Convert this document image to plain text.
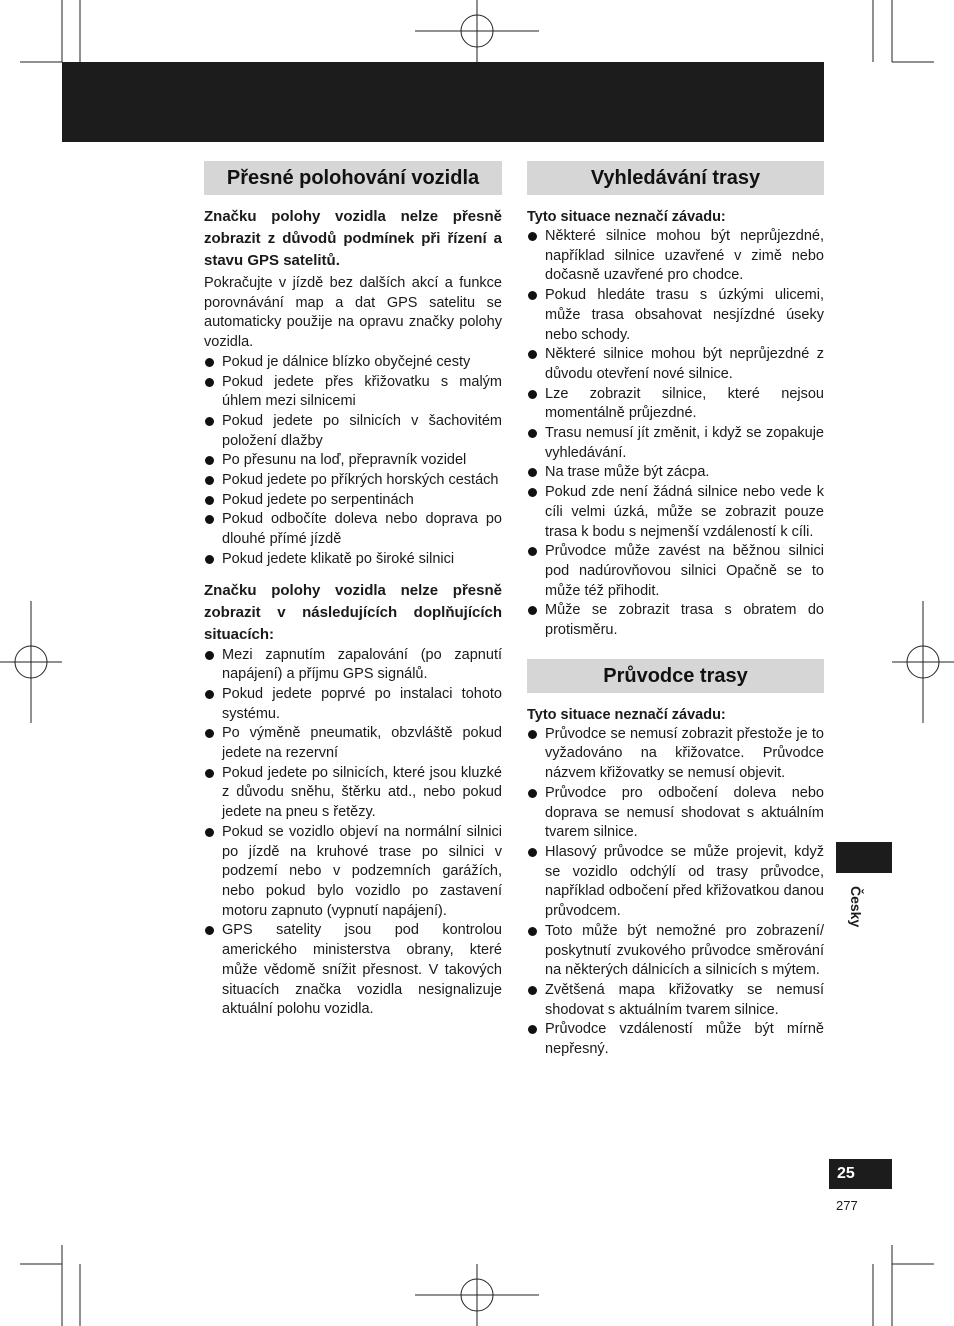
Přesné polohování vozidla

Značku polohy vozidla nelze přesně zobrazit z důvodů podmínek při řízení a stavu GPS satelitů.

Pokračujte v jízdě bez dalších akcí a funkce porovnávání map a dat GPS satelitu se automaticky použije na opravu značky polohy vozidla.

Pokud je dálnice blízko obyčejné cesty
Pokud jedete přes křižovatku s malým úhlem mezi silnicemi
Pokud jedete po silnicích v šachovitém položení dlažby
Po přesunu na loď, přepravník vozidel
Pokud jedete po příkrých horských cestách
Pokud jedete po serpentinách
Pokud odbočíte doleva nebo doprava po dlouhé přímé jízdě
Pokud jedete klikatě po široké silnici

Značku polohy vozidla nelze přesně zobrazit v následujících doplňujících situacích:

Mezi zapnutím zapalování (po zapnutí napájení) a příjmu GPS signálů.
Pokud jedete poprvé po instalaci tohoto systému.
Po výměně pneumatik, obzvláště pokud jedete na rezervní
Pokud jedete po silnicích, které jsou kluzké z důvodu sněhu, štěrku atd., nebo pokud jedete na pneu s řetězy.
Pokud se vozidlo objeví na normální silnici po jízdě na kruhové trase po silnici v podzemí nebo v podzemních garážích, nebo pokud bylo vozidlo po zastavení motoru zapnuto (vypnutí napájení).
GPS satelity jsou pod kontrolou amerického ministerstva obrany, které může vědomě snížit přesnost. V takových situacích značka vozidla nesignalizuje aktuální polohu vozidla.
Vyhledávání trasy

Tyto situace neznačí závadu:

Některé silnice mohou být neprůjezdné, například silnice uzavřené v zimě nebo dočasně uzavřené pro chodce.
Pokud hledáte trasu s úzkými ulicemi, může trasa obsahovat nesjízdné úseky nebo schody.
Některé silnice mohou být neprůjezdné z důvodu otevření nové silnice.
Lze zobrazit silnice, které nejsou momentálně průjezdné.
Trasu nemusí jít změnit, i když se zopakuje vyhledávání.
Na trase může být zácpa.
Pokud zde není žádná silnice nebo vede k cíli velmi úzká, může se zobrazit pouze trasa k bodu s nejmenší vzdáleností k cíli.
Průvodce může zavést na běžnou silnici pod nadúrovňovou silnici Opačně se to může též přihodit.
Může se zobrazit trasa s obratem do protisměru.
Průvodce trasy

Tyto situace neznačí závadu:

Průvodce se nemusí zobrazit přestože je to vyžadováno na křižovatce. Průvodce názvem křižovatky se nemusí objevit.
Průvodce pro odbočení doleva nebo doprava se nemusí shodovat s aktuálním tvarem silnice.
Hlasový průvodce se může projevit, když se vozidlo odchýlí od trasy průvodce, například odbočení před křižovatkou danou průvodcem.
Toto může být nemožné pro zobrazení/ poskytnutí zvukového průvodce směrování na některých dálnicích a silnicích s mýtem.
Zvětšená mapa křižovatky se nemusí shodovat s aktuálním tvarem silnice.
Průvodce vzdáleností může být mírně nepřesný.
Česky
25
277
